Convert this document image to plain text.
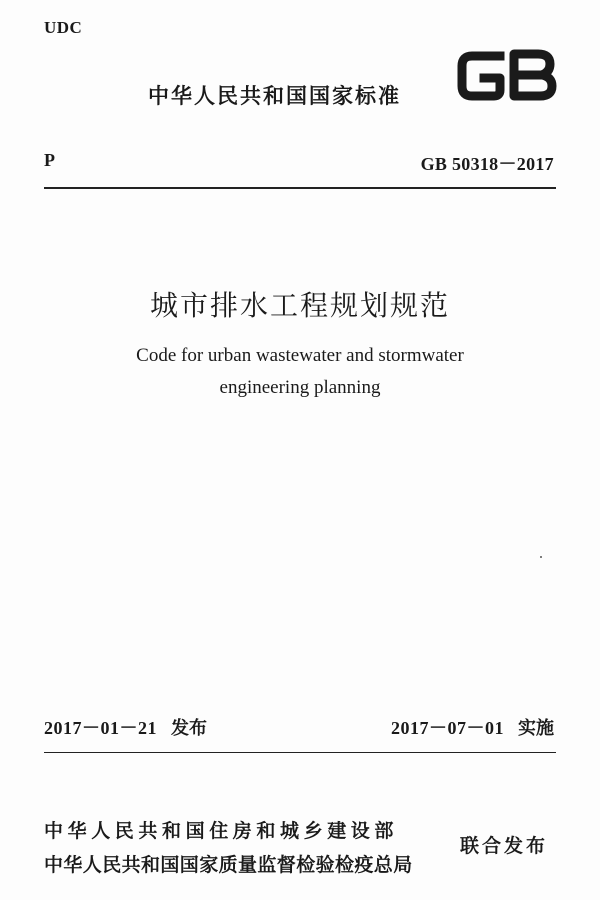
UDC
中华人民共和国国家标准
P	GB 50318－2017
城市排水工程规划规范
Code for urban wastewater and stormwater
engineering planning
2017－01－21 发布	2017－07－01 实施
中华人民共和国住房和城乡建设部
中华人民共和国国家质量监督检验检疫总局
联合发布
